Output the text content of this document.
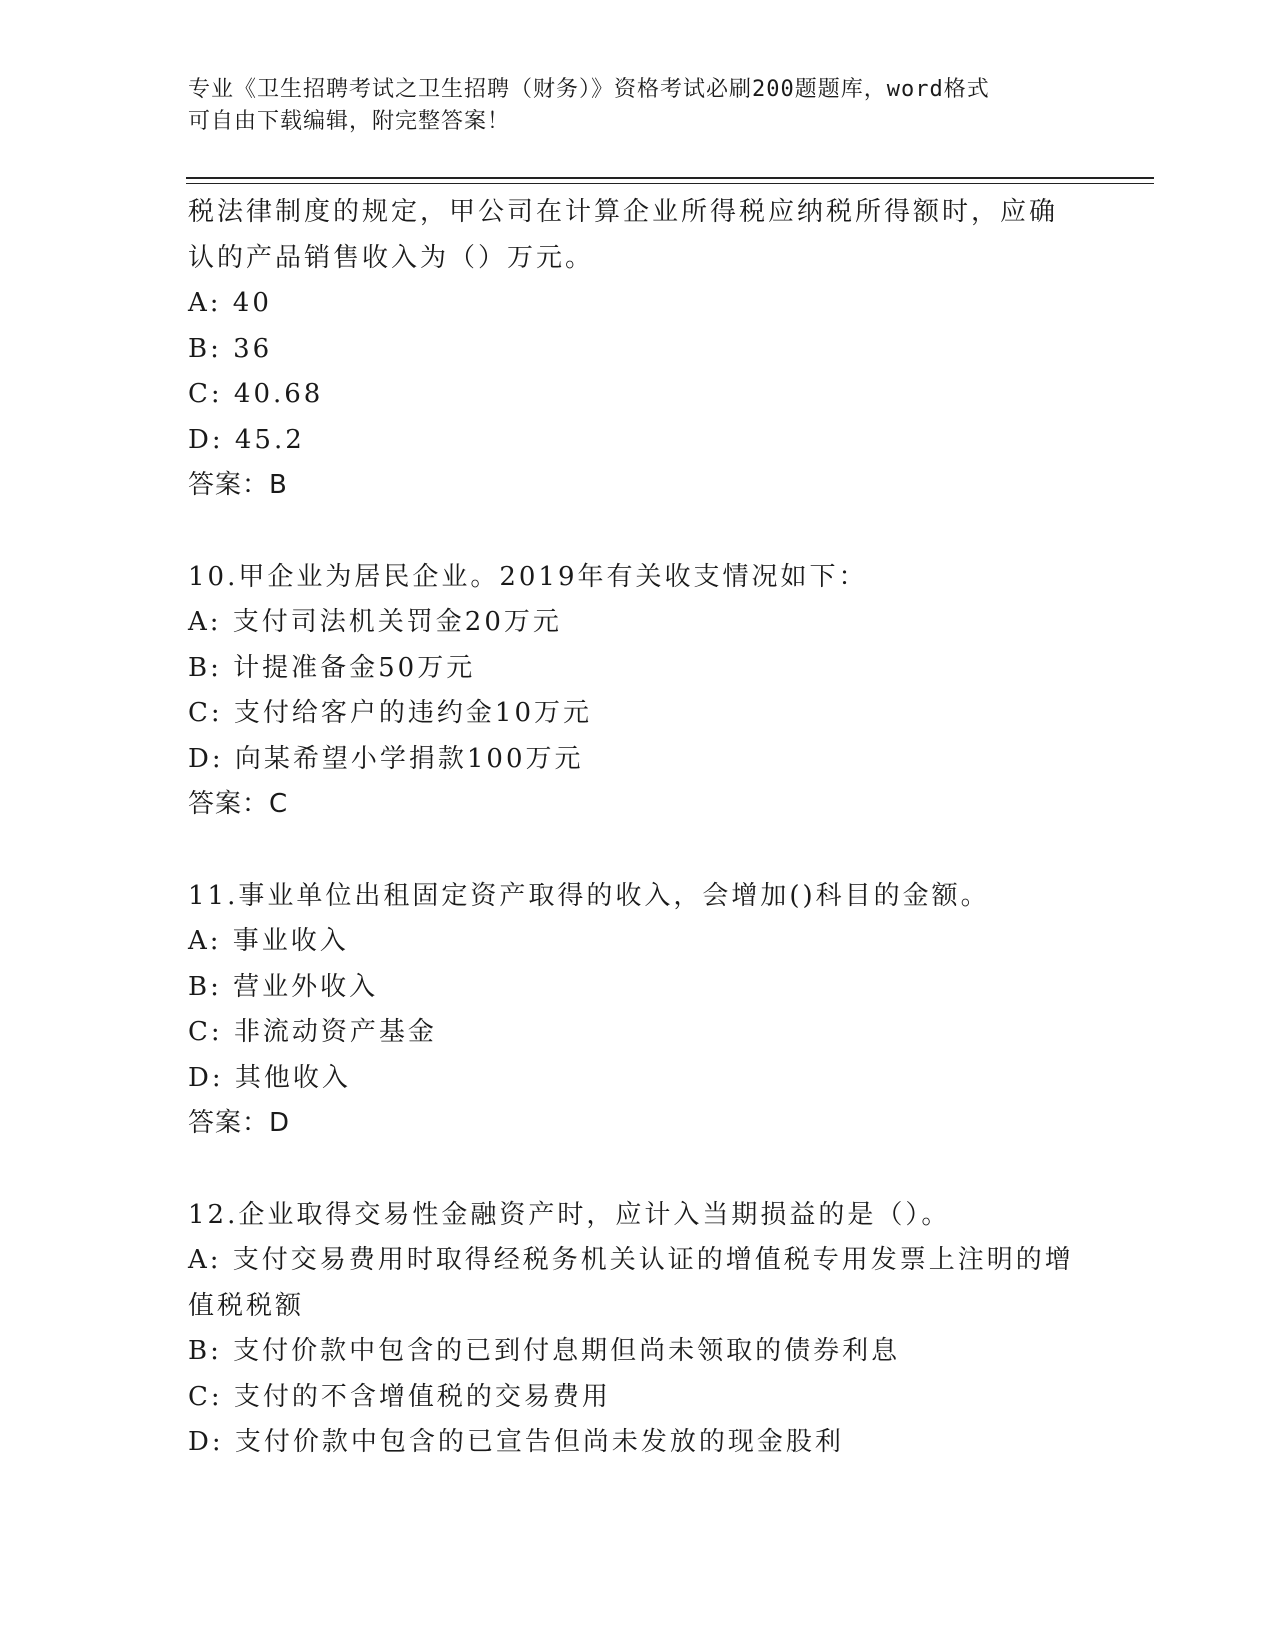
专业《卫生招聘考试之卫生招聘（财务）》资格考试必刷200题题库，word格式
可自由下载编辑，附完整答案！
税法律制度的规定，甲公司在计算企业所得税应纳税所得额时，应确
认的产品销售收入为（）万元。
A: 40
B: 36
C: 40.68
D: 45.2
答案：B
10.甲企业为居民企业。2019年有关收支情况如下：
A: 支付司法机关罚金20万元
B: 计提准备金50万元
C: 支付给客户的违约金10万元
D: 向某希望小学捐款100万元
答案：C
11.事业单位出租固定资产取得的收入，会增加()科目的金额。
A: 事业收入
B: 营业外收入
C: 非流动资产基金
D: 其他收入
答案：D
12.企业取得交易性金融资产时，应计入当期损益的是（）。
A: 支付交易费用时取得经税务机关认证的增值税专用发票上注明的增
值税税额
B: 支付价款中包含的已到付息期但尚未领取的债券利息
C: 支付的不含增值税的交易费用
D: 支付价款中包含的已宣告但尚未发放的现金股利
